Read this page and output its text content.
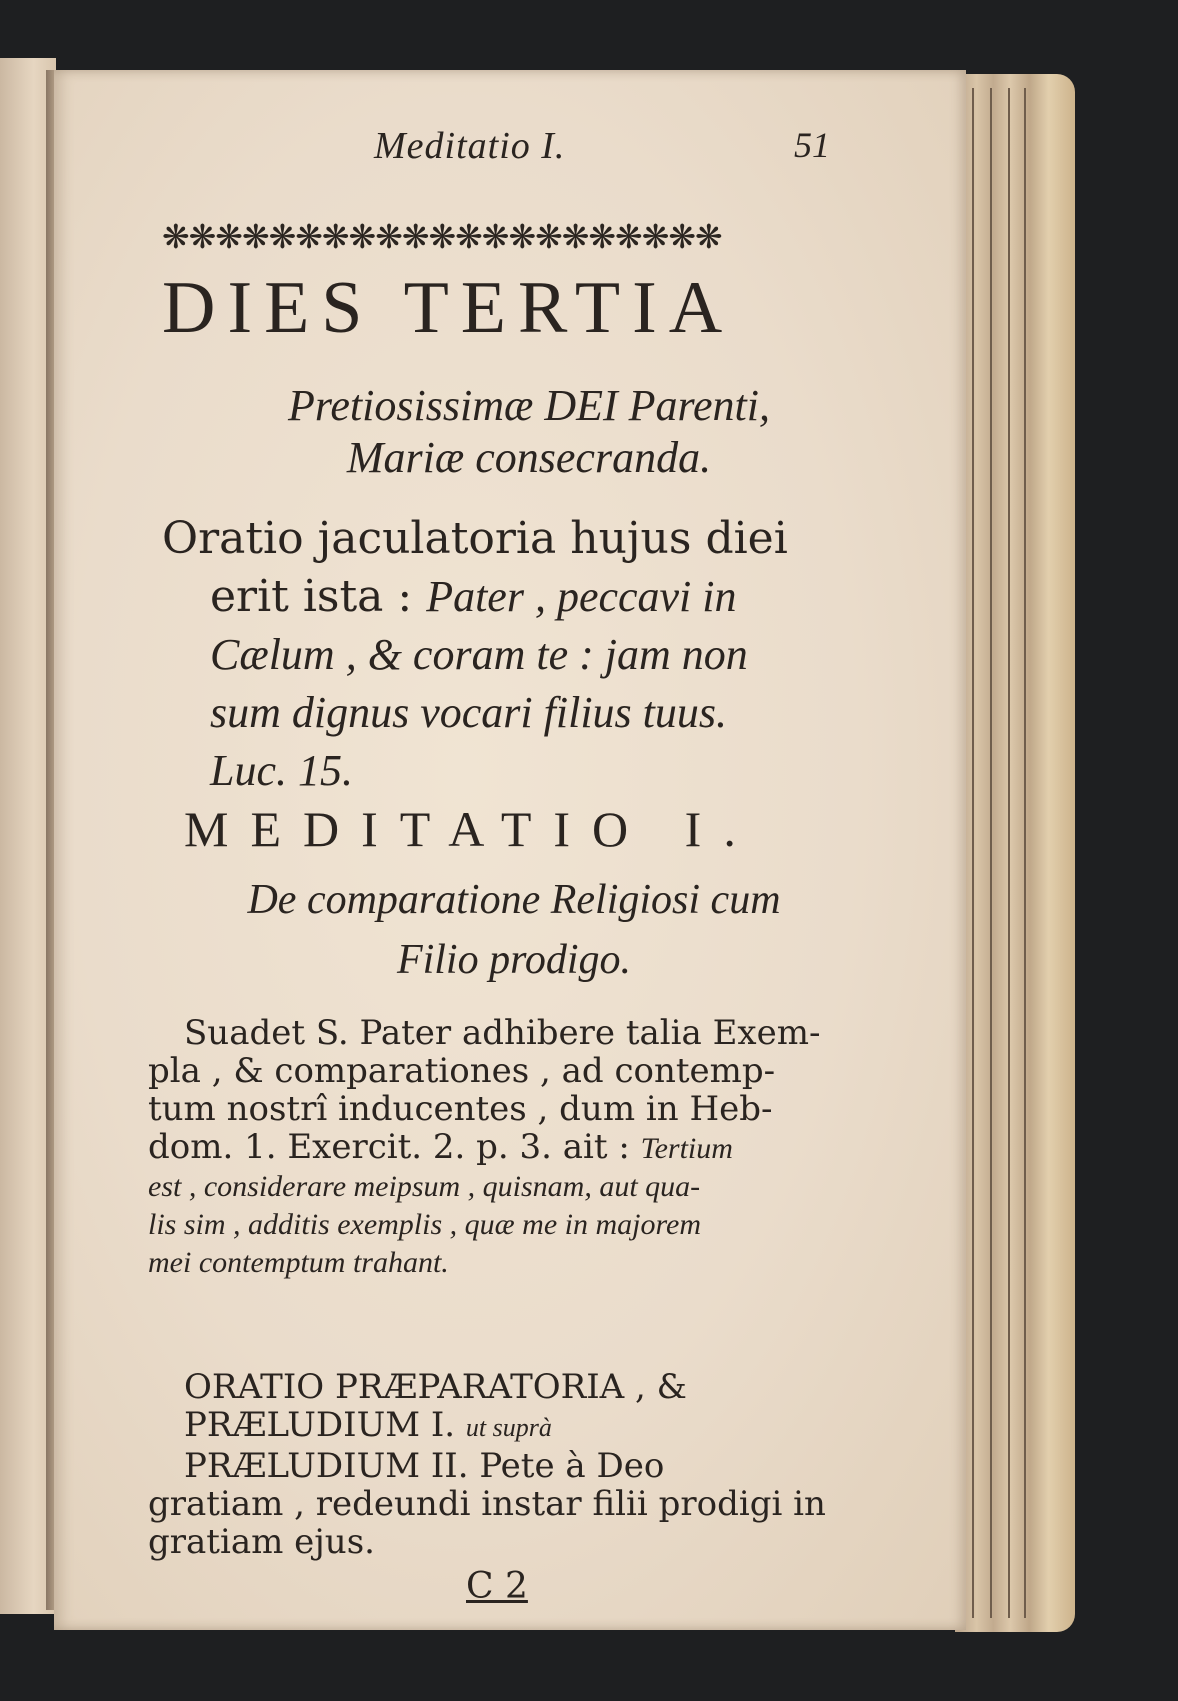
Meditatio I.	51
❋❋❋❋❋❋❋❋❋❋❋❋❋❋❋❋❋❋❋❋❋
DIES TERTIA
Pretiosissimæ DEI Parenti,
Mariæ consecranda.
Oratio jaculatoria hujus diei
erit ista : Pater , peccavi in
Cælum , & coram te : jam non
sum dignus vocari filius tuus.
Luc. 15.
MEDITATIO I.
De comparatione Religiosi cum
Filio prodigo.
Suadet S. Pater adhibere talia Exem-
pla , & comparationes , ad contemp-
tum nostrî inducentes , dum in Heb-
dom. 1. Exercit. 2. p. 3. ait : Tertium
est , considerare meipsum , quisnam, aut qua-
lis sim , additis exemplis , quæ me in majorem
mei contemptum trahant.
ORATIO PRÆPARATORIA , &
PRÆLUDIUM I. ut suprà
PRÆLUDIUM II. Pete à Deo
gratiam , redeundi instar filii prodigi in
gratiam ejus.
C 2
